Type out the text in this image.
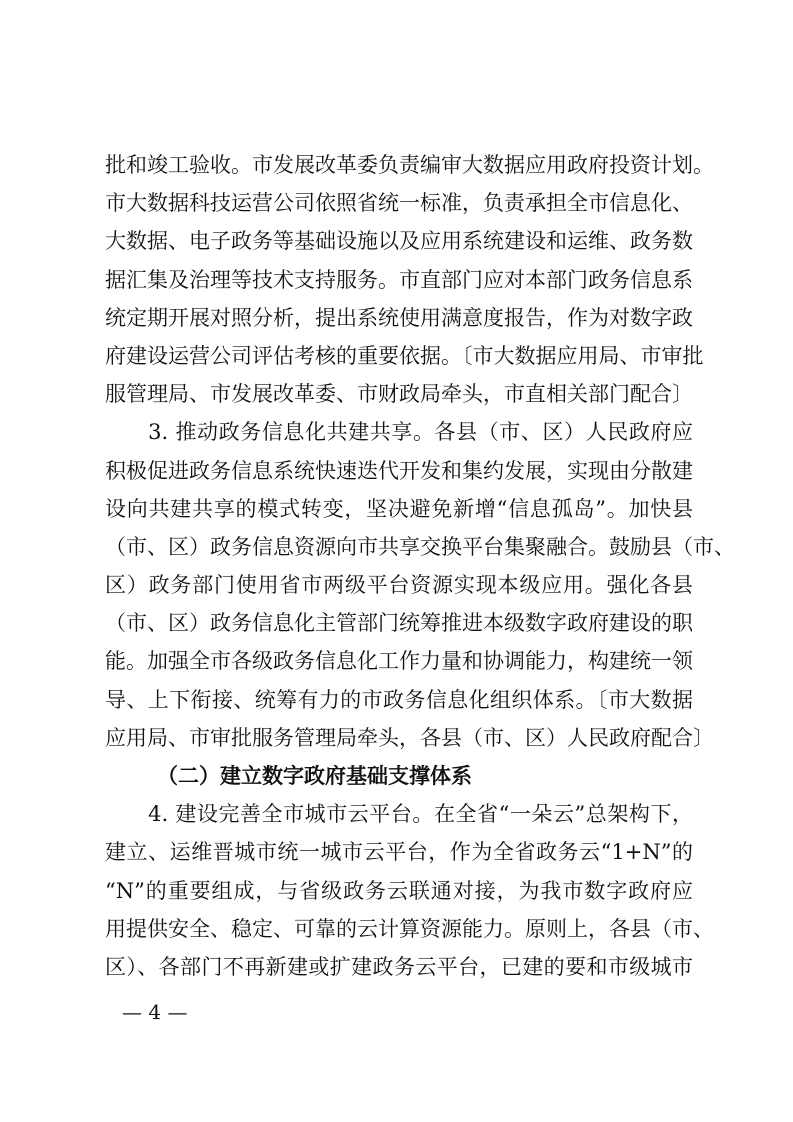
批和竣工验收。市发展改革委负责编审大数据应用政府投资计划。
市大数据科技运营公司依照省统一标准，负责承担全市信息化、
大数据、电子政务等基础设施以及应用系统建设和运维、政务数
据汇集及治理等技术支持服务。市直部门应对本部门政务信息系
统定期开展对照分析，提出系统使用满意度报告，作为对数字政
府建设运营公司评估考核的重要依据。〔市大数据应用局、市审批
服管理局、市发展改革委、市财政局牵头，市直相关部门配合〕
　　3. 推动政务信息化共建共享。各县（市、区）人民政府应
积极促进政务信息系统快速迭代开发和集约发展，实现由分散建
设向共建共享的模式转变，坚决避免新增“信息孤岛”。加快县
（市、区）政务信息资源向市共享交换平台集聚融合。鼓励县（市、
区）政务部门使用省市两级平台资源实现本级应用。强化各县
（市、区）政务信息化主管部门统筹推进本级数字政府建设的职
能。加强全市各级政务信息化工作力量和协调能力，构建统一领
导、上下衔接、统筹有力的市政务信息化组织体系。〔市大数据
应用局、市审批服务管理局牵头，各县（市、区）人民政府配合〕
（二）建立数字政府基础支撑体系
　　4. 建设完善全市城市云平台。在全省“一朵云”总架构下，
建立、运维晋城市统一城市云平台，作为全省政务云“1+N”的
“N”的重要组成，与省级政务云联通对接，为我市数字政府应
用提供安全、稳定、可靠的云计算资源能力。原则上，各县（市、
区）、各部门不再新建或扩建政务云平台，已建的要和市级城市
— 4 —
